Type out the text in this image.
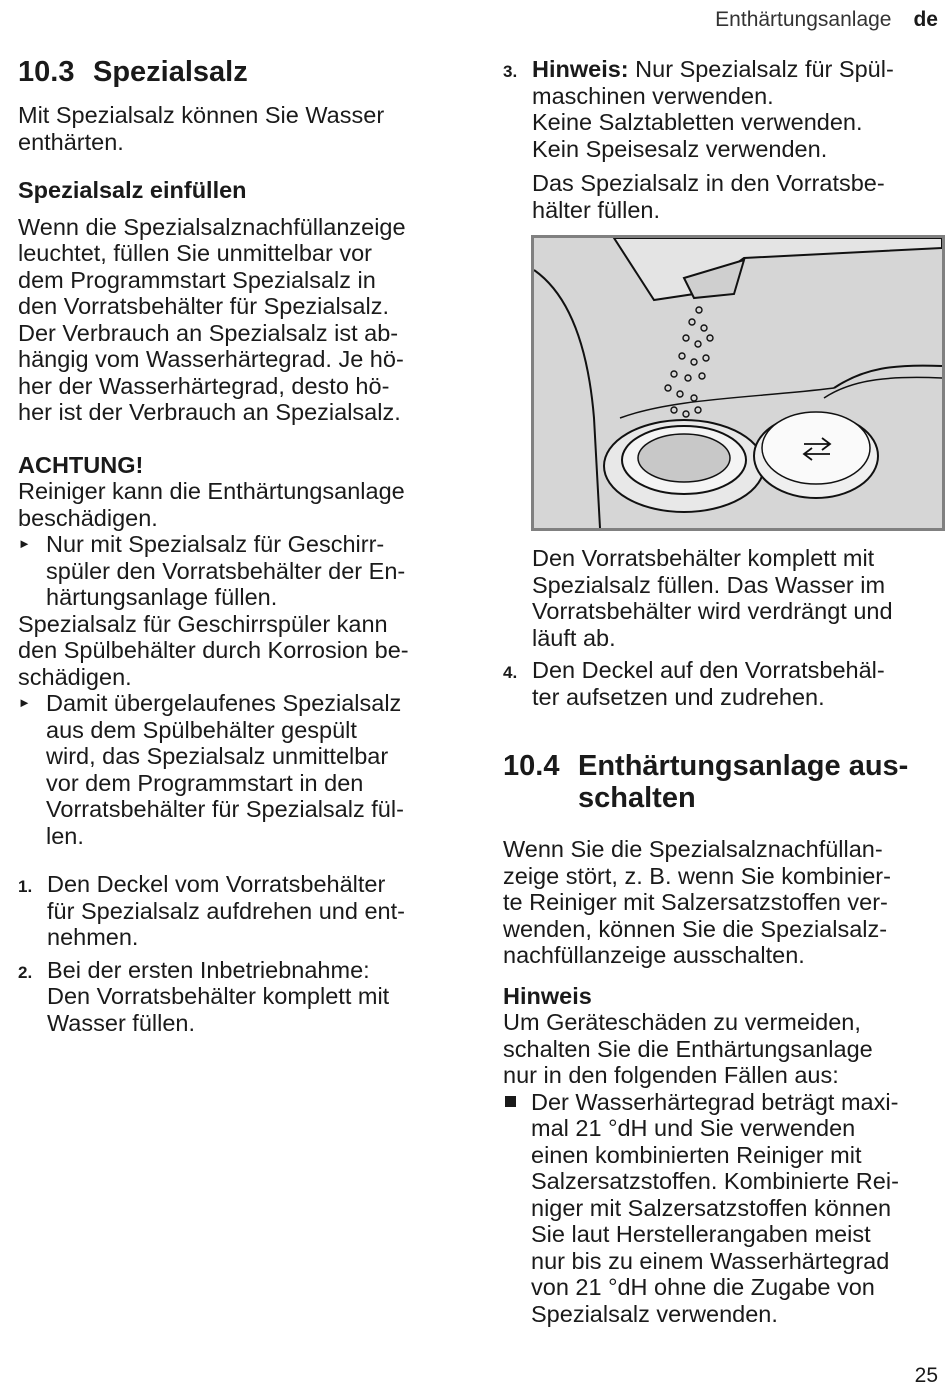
Enthärtungsanlage de
10.3 Spezialsalz

Mit Spezialsalz können Sie Wasser
enthärten.

Spezialsalz einfüllen

Wenn die Spezialsalznachfüllanzeige
leuchtet, füllen Sie unmittelbar vor
dem Programmstart Spezialsalz in
den Vorratsbehälter für Spezialsalz.
Der Verbrauch an Spezialsalz ist ab-
hängig vom Wasserhärtegrad. Je hö-
her der Wasserhärtegrad, desto hö-
her ist der Verbrauch an Spezialsalz.

ACHTUNG!

Reiniger kann die Enthärtungsanlage
beschädigen.

► Nur mit Spezialsalz für Geschirr-
spüler den Vorratsbehälter der En-
härtungsanlage füllen.

Spezialsalz für Geschirrspüler kann
den Spülbehälter durch Korrosion be-
schädigen.

► Damit übergelaufenes Spezialsalz
aus dem Spülbehälter gespült
wird, das Spezialsalz unmittelbar
vor dem Programmstart in den
Vorratsbehälter für Spezialsalz fül-
len.
1. Den Deckel vom Vorratsbehälter
für Spezialsalz aufdrehen und ent-
nehmen.
2. Bei der ersten Inbetriebnahme:
Den Vorratsbehälter komplett mit
Wasser füllen.
3. Hinweis: Nur Spezialsalz für Spül-
maschinen verwenden.
Keine Salztabletten verwenden.
Kein Speisesalz verwenden.

Das Spezialsalz in den Vorratsbe-
hälter füllen.

Den Vorratsbehälter komplett mit
Spezialsalz füllen. Das Wasser im
Vorratsbehälter wird verdrängt und
läuft ab.

4. Den Deckel auf den Vorratsbehäl-
ter aufsetzen und zudrehen.
10.4 Enthärtungsanlage aus-
schalten

Wenn Sie die Spezialsalznachfüllan-
zeige stört, z. B. wenn Sie kombinier-
te Reiniger mit Salzersatzstoffen ver-
wenden, können Sie die Spezialsalz-
nachfüllanzeige ausschalten.

Hinweis

Um Geräteschäden zu vermeiden,
schalten Sie die Enthärtungsanlage
nur in den folgenden Fällen aus:

Der Wasserhärtegrad beträgt maxi-
mal 21 °dH und Sie verwenden
einen kombinierten Reiniger mit
Salzersatzstoffen. Kombinierte Rei-
niger mit Salzersatzstoffen können
Sie laut Herstellerangaben meist
nur bis zu einem Wasserhärtegrad
von 21 °dH ohne die Zugabe von
Spezialsalz verwenden.
25
